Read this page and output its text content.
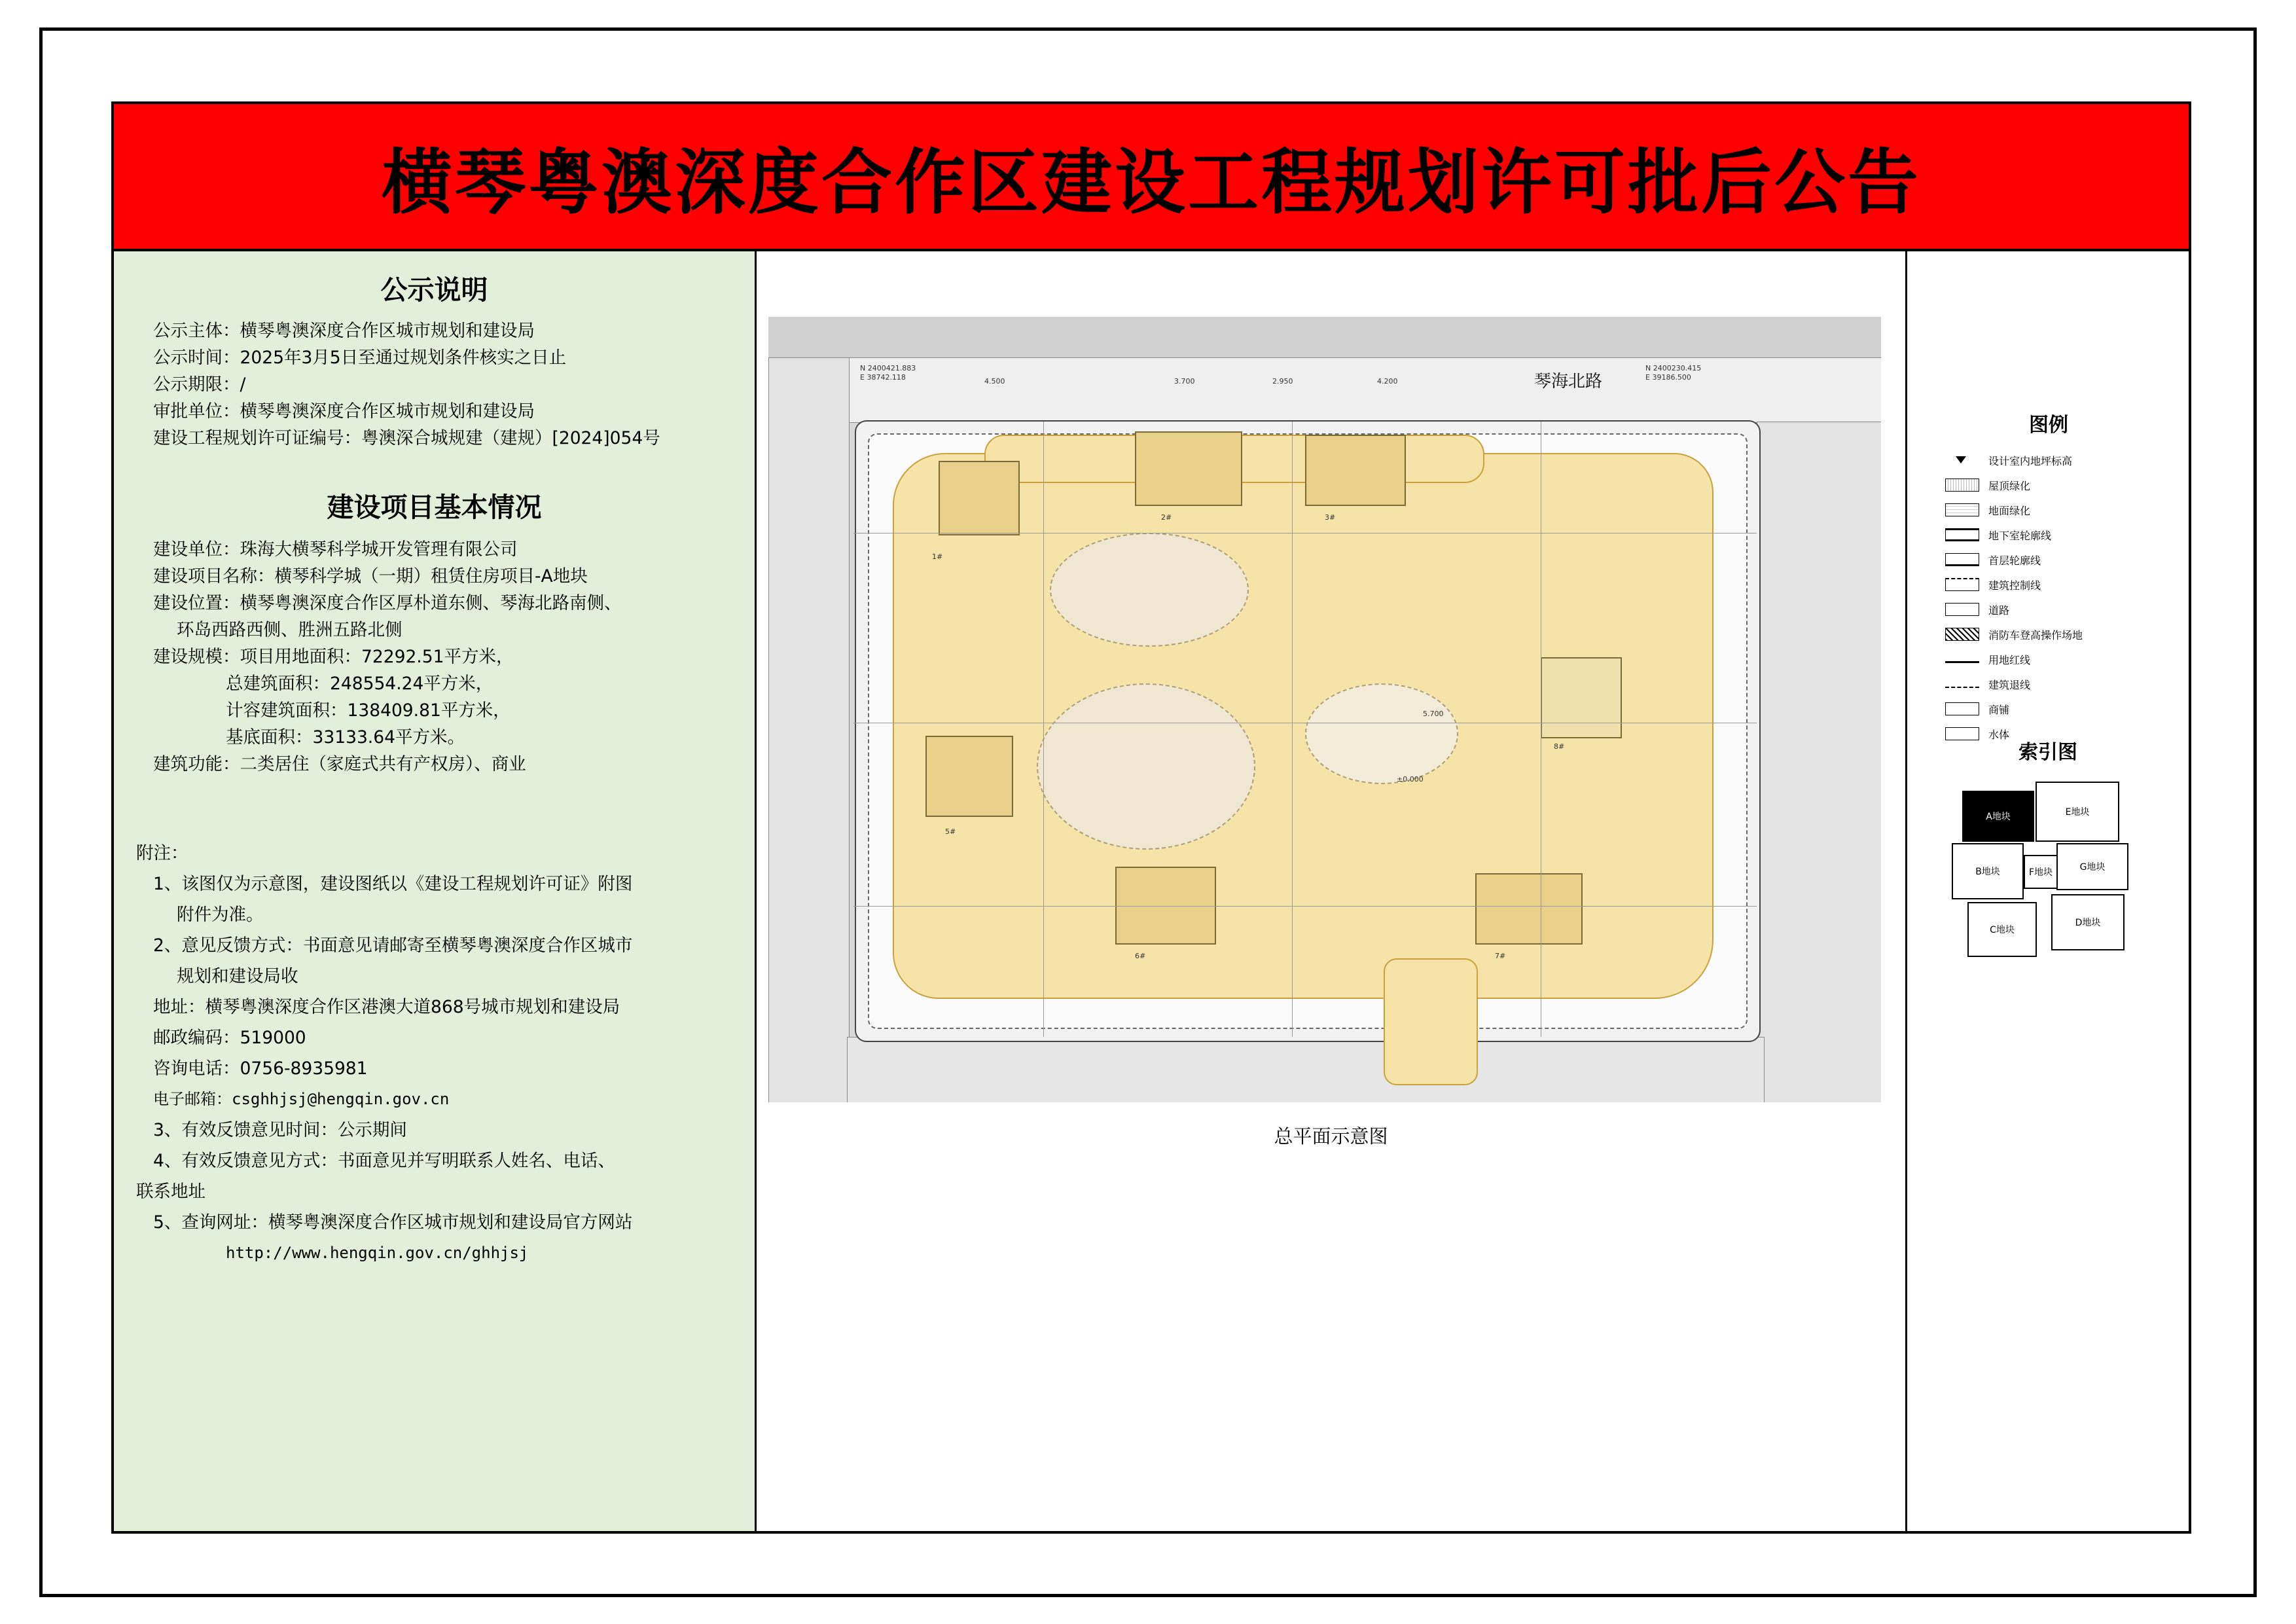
横琴粤澳深度合作区建设工程规划许可批后公告
公示说明
公示主体：横琴粤澳深度合作区城市规划和建设局
公示时间：2025年3月5日至通过规划条件核实之日止
公示期限：/
审批单位：横琴粤澳深度合作区城市规划和建设局
建设工程规划许可证编号：粤澳深合城规建（建规）[2024]054号
建设项目基本情况
建设单位：珠海大横琴科学城开发管理有限公司
建设项目名称：横琴科学城（一期）租赁住房项目-A地块
建设位置：横琴粤澳深度合作区厚朴道东侧、琴海北路南侧、
环岛西路西侧、胜洲五路北侧
建设规模：项目用地面积：72292.51平方米，
总建筑面积：248554.24平方米，
计容建筑面积：138409.81平方米，
基底面积：33133.64平方米。
建筑功能：二类居住（家庭式共有产权房）、商业
附注：
1、该图仅为示意图，建设图纸以《建设工程规划许可证》附图
附件为准。
2、意见反馈方式：书面意见请邮寄至横琴粤澳深度合作区城市
规划和建设局收
地址：横琴粤澳深度合作区港澳大道868号城市规划和建设局
邮政编码：519000
咨询电话：0756-8935981
电子邮箱：csghhjsj@hengqin.gov.cn
3、有效反馈意见时间：公示期间
4、有效反馈意见方式：书面意见并写明联系人姓名、电话、
联系地址
5、查询网址：横琴粤澳深度合作区城市规划和建设局官方网站
http://www.hengqin.gov.cn/ghhjsj
琴海北路
N 2400421.883
E 38742.118
N 2400230.415
E 39186.500
4.500	3.700	2.950	4.200
1#
2#	3#
5#
6#	7#
8#
±0.000
5.700
总平面示意图
图例
设计室内地坪标高
屋顶绿化
地面绿化
地下室轮廓线
首层轮廓线
建筑控制线
道路
消防车登高操作场地
用地红线
建筑退线
商铺
水体
索引图
A地块	E地块
B地块	G地块
F地块
C地块
D地块
